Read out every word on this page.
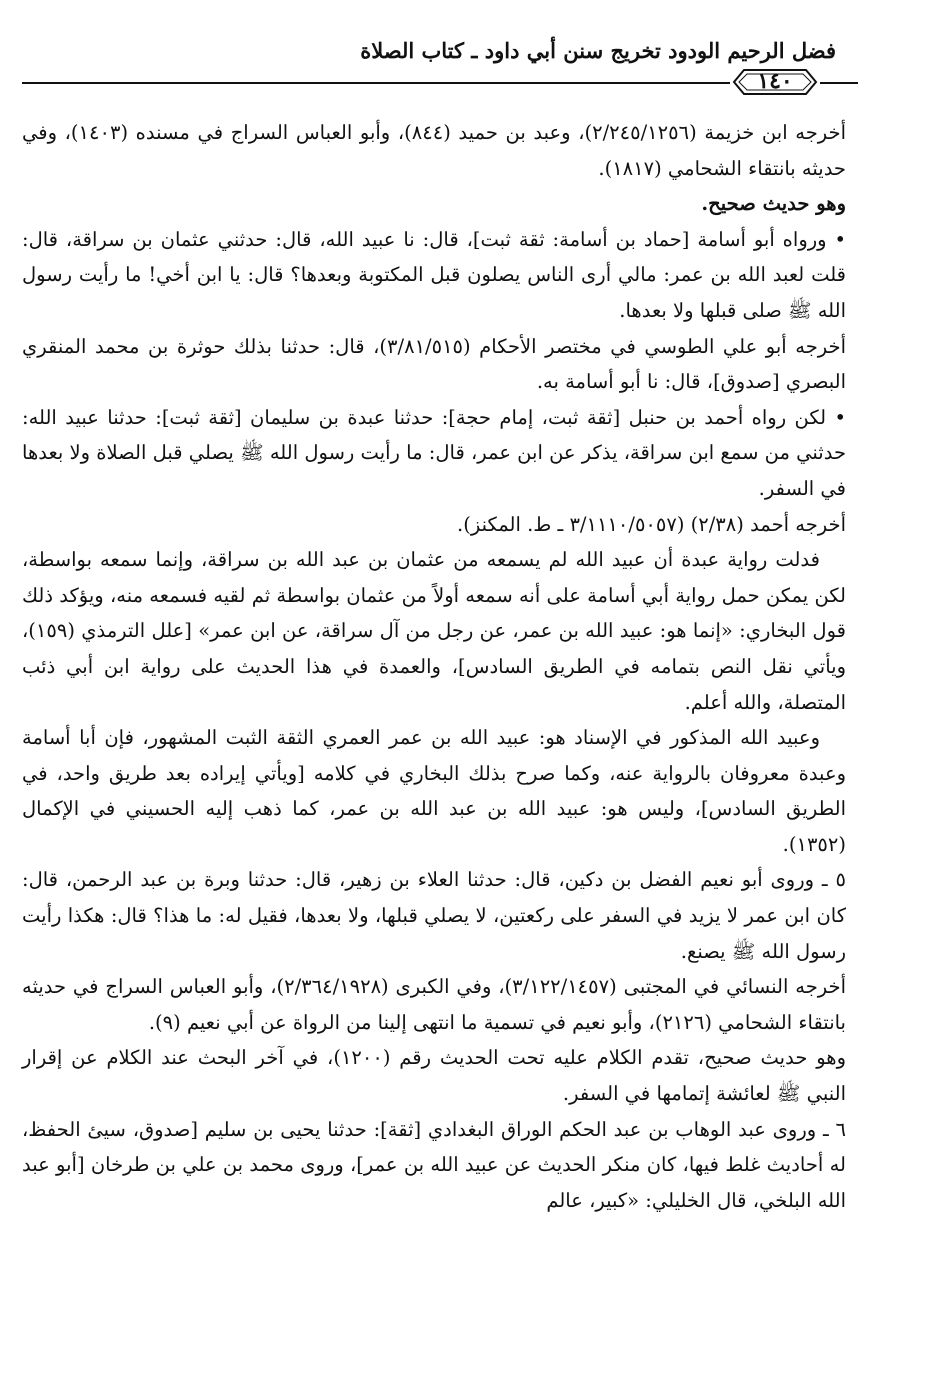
فضل الرحيم الودود تخريج سنن أبي داود ـ كتاب الصلاة
١٤٠

أخرجه ابن خزيمة (٢/٢٤٥/١٢٥٦)، وعبد بن حميد (٨٤٤)، وأبو العباس السراج في مسنده (١٤٠٣)، وفي حديثه بانتقاء الشحامي (١٨١٧).

وهو حديث صحيح.

• ورواه أبو أسامة [حماد بن أسامة: ثقة ثبت]، قال: نا عبيد الله، قال: حدثني عثمان بن سراقة، قال: قلت لعبد الله بن عمر: مالي أرى الناس يصلون قبل المكتوبة وبعدها؟ قال: يا ابن أخي! ما رأيت رسول الله ﷺ صلى قبلها ولا بعدها.

أخرجه أبو علي الطوسي في مختصر الأحكام (٣/٨١/٥١٥)، قال: حدثنا بذلك حوثرة بن محمد المنقري البصري [صدوق]، قال: نا أبو أسامة به.

• لكن رواه أحمد بن حنبل [ثقة ثبت، إمام حجة]: حدثنا عبدة بن سليمان [ثقة ثبت]: حدثنا عبيد الله: حدثني من سمع ابن سراقة، يذكر عن ابن عمر، قال: ما رأيت رسول الله ﷺ يصلي قبل الصلاة ولا بعدها في السفر.

أخرجه أحمد (٢/٣٨) (٣/١١١٠/٥٠٥٧ ـ ط. المكنز).

فدلت رواية عبدة أن عبيد الله لم يسمعه من عثمان بن عبد الله بن سراقة، وإنما سمعه بواسطة، لكن يمكن حمل رواية أبي أسامة على أنه سمعه أولاً من عثمان بواسطة ثم لقيه فسمعه منه، ويؤكد ذلك قول البخاري: «إنما هو: عبيد الله بن عمر، عن رجل من آل سراقة، عن ابن عمر» [علل الترمذي (١٥٩)، ويأتي نقل النص بتمامه في الطريق السادس]، والعمدة في هذا الحديث على رواية ابن أبي ذئب المتصلة، والله أعلم.

وعبيد الله المذكور في الإسناد هو: عبيد الله بن عمر العمري الثقة الثبت المشهور، فإن أبا أسامة وعبدة معروفان بالرواية عنه، وكما صرح بذلك البخاري في كلامه [ويأتي إيراده بعد طريق واحد، في الطريق السادس]، وليس هو: عبيد الله بن عبد الله بن عمر، كما ذهب إليه الحسيني في الإكمال (١٣٥٢).

٥ ـ وروى أبو نعيم الفضل بن دكين، قال: حدثنا العلاء بن زهير، قال: حدثنا وبرة بن عبد الرحمن، قال: كان ابن عمر لا يزيد في السفر على ركعتين، لا يصلي قبلها، ولا بعدها، فقيل له: ما هذا؟ قال: هكذا رأيت رسول الله ﷺ يصنع.

أخرجه النسائي في المجتبى (٣/١٢٢/١٤٥٧)، وفي الكبرى (٢/٣٦٤/١٩٢٨)، وأبو العباس السراج في حديثه بانتقاء الشحامي (٢١٢٦)، وأبو نعيم في تسمية ما انتهى إلينا من الرواة عن أبي نعيم (٩).

وهو حديث صحيح، تقدم الكلام عليه تحت الحديث رقم (١٢٠٠)، في آخر البحث عند الكلام عن إقرار النبي ﷺ لعائشة إتمامها في السفر.

٦ ـ وروى عبد الوهاب بن عبد الحكم الوراق البغدادي [ثقة]: حدثنا يحيى بن سليم [صدوق، سيئ الحفظ، له أحاديث غلط فيها، كان منكر الحديث عن عبيد الله بن عمر]، وروى محمد بن علي بن طرخان [أبو عبد الله البلخي، قال الخليلي: «كبير، عالم
